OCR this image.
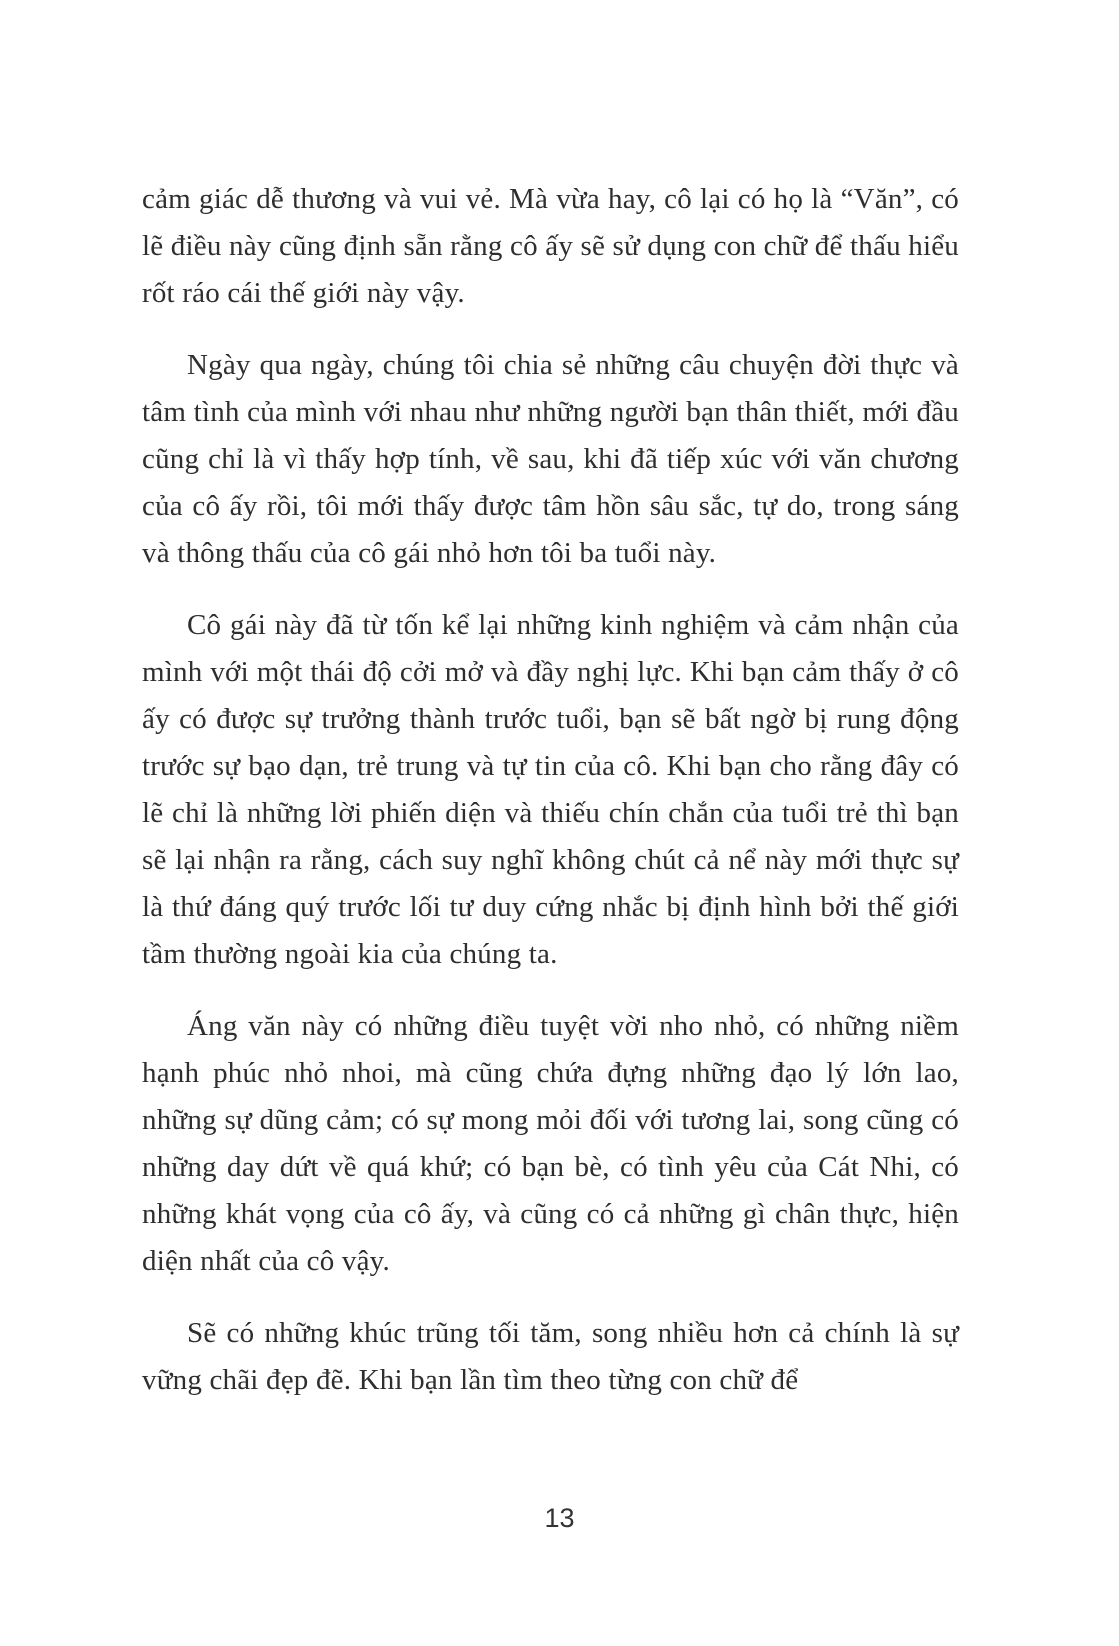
cảm giác dễ thương và vui vẻ. Mà vừa hay, cô lại có họ là “Văn”, có lẽ điều này cũng định sẵn rằng cô ấy sẽ sử dụng con chữ để thấu hiểu rốt ráo cái thế giới này vậy.

Ngày qua ngày, chúng tôi chia sẻ những câu chuyện đời thực và tâm tình của mình với nhau như những người bạn thân thiết, mới đầu cũng chỉ là vì thấy hợp tính, về sau, khi đã tiếp xúc với văn chương của cô ấy rồi, tôi mới thấy được tâm hồn sâu sắc, tự do, trong sáng và thông thấu của cô gái nhỏ hơn tôi ba tuổi này.

Cô gái này đã từ tốn kể lại những kinh nghiệm và cảm nhận của mình với một thái độ cởi mở và đầy nghị lực. Khi bạn cảm thấy ở cô ấy có được sự trưởng thành trước tuổi, bạn sẽ bất ngờ bị rung động trước sự bạo dạn, trẻ trung và tự tin của cô. Khi bạn cho rằng đây có lẽ chỉ là những lời phiến diện và thiếu chín chắn của tuổi trẻ thì bạn sẽ lại nhận ra rằng, cách suy nghĩ không chút cả nể này mới thực sự là thứ đáng quý trước lối tư duy cứng nhắc bị định hình bởi thế giới tầm thường ngoài kia của chúng ta.

Áng văn này có những điều tuyệt vời nho nhỏ, có những niềm hạnh phúc nhỏ nhoi, mà cũng chứa đựng những đạo lý lớn lao, những sự dũng cảm; có sự mong mỏi đối với tương lai, song cũng có những day dứt về quá khứ; có bạn bè, có tình yêu của Cát Nhi, có những khát vọng của cô ấy, và cũng có cả những gì chân thực, hiện diện nhất của cô vậy.

Sẽ có những khúc trũng tối tăm, song nhiều hơn cả chính là sự vững chãi đẹp đẽ. Khi bạn lần tìm theo từng con chữ để

13
